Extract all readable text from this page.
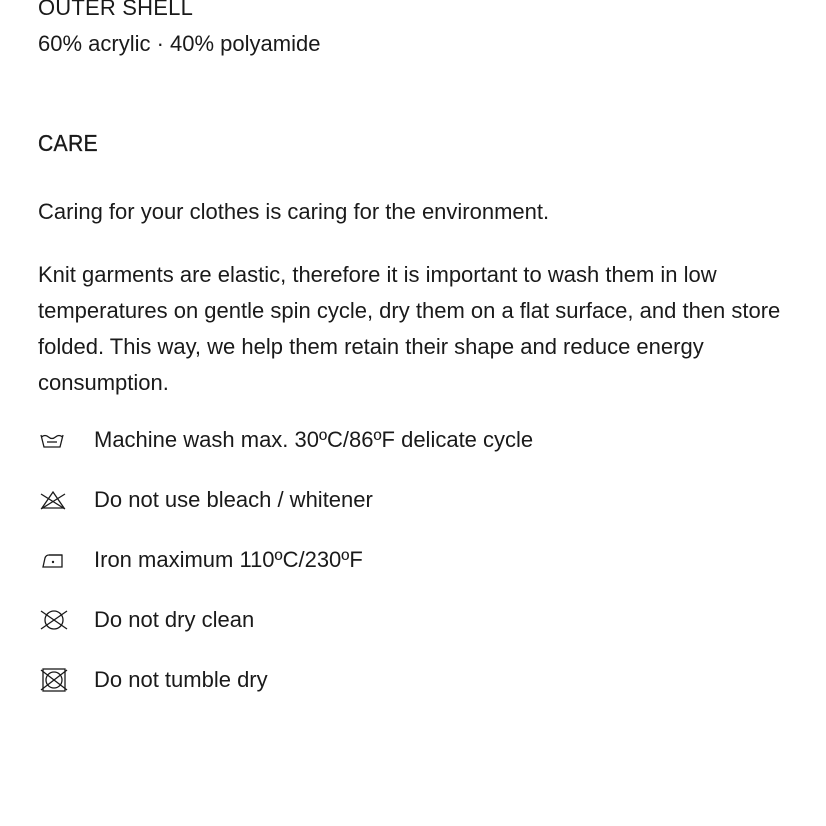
OUTER SHELL

60% acrylic · 40% polyamide

CARE

Caring for your clothes is caring for the environment.

Knit garments are elastic, therefore it is important to wash them in low temperatures on gentle spin cycle, dry them on a flat surface, and then store folded. This way, we help them retain their shape and reduce energy consumption.

Machine wash max. 30ºC/86ºF delicate cycle
Do not use bleach / whitener
Iron maximum 110ºC/230ºF
Do not dry clean
Do not tumble dry
